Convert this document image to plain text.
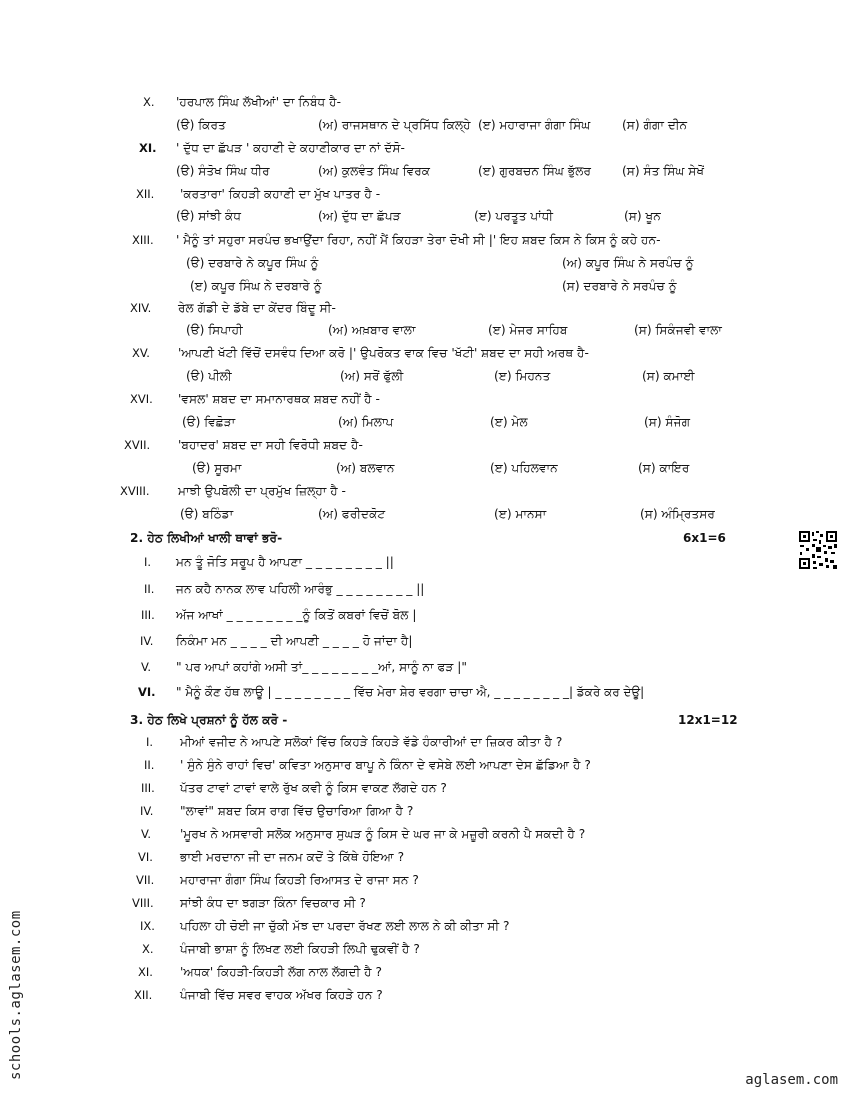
X. 'ਹਰਪਾਲ ਸਿੰਘ ਲੱਖੀਆਂ' ਦਾ ਨਿਬੰਧ ਹੈ-
(ੳ) ਕਿਰਤ	(ਅ) ਰਾਜਸਥਾਨ ਦੇ ਪ੍ਰਸਿੱਧ ਕਿਲ੍ਹੇ (ੲ) ਮਹਾਰਾਜਾ ਗੰਗਾ ਸਿੰਘ	(ਸ) ਗੰਗਾ ਦੀਨ
XI. ' ਦੁੱਧ ਦਾ ਛੱਪੜ ' ਕਹਾਣੀ ਦੇ ਕਹਾਣੀਕਾਰ ਦਾ ਨਾਂ ਦੱਸੋ-
(ੳ) ਸੰਤੋਖ ਸਿੰਘ ਧੀਰ	(ਅ) ਕੁਲਵੰਤ ਸਿੰਘ ਵਿਰਕ	(ੲ) ਗੁਰਬਚਨ ਸਿੰਘ ਭੁੱਲਰ	(ਸ) ਸੰਤ ਸਿੰਘ ਸੇਖੋਂ
XII. 'ਕਰਤਾਰਾ' ਕਿਹੜੀ ਕਹਾਣੀ ਦਾ ਮੁੱਖ ਪਾਤਰ ਹੈ -
(ੳ) ਸਾਂਝੀ ਕੰਧ	(ਅ) ਦੁੱਧ ਦਾ ਛੱਪੜ	(ੲ) ਪਰਤੂਤ ਪਾਂਧੀ	(ਸ) ਖੂਨ
XIII. ' ਮੈਨੂੰ ਤਾਂ ਸਹੁਰਾ ਸਰਪੰਚ ਭਖਾਉਂਦਾ ਰਿਹਾ, ਨਹੀਂ ਮੈਂ ਕਿਹੜਾ ਤੇਰਾ ਦੋਖੀ ਸੀ |' ਇਹ ਸ਼ਬਦ ਕਿਸ ਨੇ ਕਿਸ ਨੂੰ ਕਹੇ ਹਨ-
(ੳ) ਦਰਬਾਰੇ ਨੇ ਕਪੂਰ ਸਿੰਘ ਨੂੰ	(ਅ) ਕਪੂਰ ਸਿੰਘ ਨੇ ਸਰਪੰਚ ਨੂੰ
(ੲ) ਕਪੂਰ ਸਿੰਘ ਨੇ ਦਰਬਾਰੇ ਨੂੰ	(ਸ) ਦਰਬਾਰੇ ਨੇ ਸਰਪੰਚ ਨੂੰ
XIV. ਰੇਲ ਗੱਡੀ ਦੇ ਡੱਬੇ ਦਾ ਕੇਂਦਰ ਬਿੰਦੂ ਸੀ-
(ੳ) ਸਿਪਾਹੀ	(ਅ) ਅਖ਼ਬਾਰ ਵਾਲਾ	(ੲ) ਮੇਜਰ ਸਾਹਿਬ	(ਸ) ਸਿਕੰਜਵੀ ਵਾਲਾ
XV. 'ਆਪਣੀ ਖੱਟੀ ਵਿੱਚੋਂ ਦਸਵੰਧ ਦਿਆ ਕਰੋ |' ਉਪਰੋਕਤ ਵਾਕ ਵਿਚ 'ਖੱਟੀ' ਸ਼ਬਦ ਦਾ ਸਹੀ ਅਰਥ ਹੈ-
(ੳ) ਪੀਲੀ	(ਅ) ਸਰੋਂ ਫੁੱਲੀ	(ੲ) ਮਿਹਨਤ	(ਸ) ਕਮਾਈ
XVI. 'ਵਸਲ' ਸ਼ਬਦ ਦਾ ਸਮਾਨਾਰਥਕ ਸ਼ਬਦ ਨਹੀਂ ਹੈ -
(ੳ) ਵਿਛੋੜਾ	(ਅ) ਮਿਲਾਪ	(ੲ) ਮੇਲ	(ਸ) ਸੰਜੋਗ
XVII. 'ਬਹਾਦਰ' ਸ਼ਬਦ ਦਾ ਸਹੀ ਵਿਰੋਧੀ ਸ਼ਬਦ ਹੈ-
(ੳ) ਸੂਰਮਾ	(ਅ) ਬਲਵਾਨ	(ੲ) ਪਹਿਲਵਾਨ	(ਸ) ਕਾਇਰ
XVIII. ਮਾਝੀ ਉਪਬੋਲੀ ਦਾ ਪ੍ਰਮੁੱਖ ਜ਼ਿਲ੍ਹਾ ਹੈ -
(ੳ) ਬਠਿੰਡਾ	(ਅ) ਫਰੀਦਕੋਟ	(ੲ) ਮਾਨਸਾ	(ਸ) ਅੰਮ੍ਰਿਤਸਰ
2. ਹੇਠ ਲਿਖੀਆਂ ਖਾਲੀ ਥਾਵਾਂ ਭਰੋ-	6x1=6
I. ਮਨ ਤੂੰ ਜੋਤਿ ਸਰੂਪ ਹੈ ਆਪਣਾ _ _ _ _ _ _ _ _ ||
II. ਜਨ ਕਹੈ ਨਾਨਕ ਲਾਵ ਪਹਿਲੀ ਆਰੰਭੁ _ _ _ _ _ _ _ _ ||
III. ਅੱਜ ਆਖਾਂ _ _ _ _ _ _ _ _ਨੂੰ ਕਿਤੋਂ ਕਬਰਾਂ ਵਿਚੋਂ ਬੋਲ |
IV. ਨਿਕੰਮਾ ਮਨ _ _ _ _ ਦੀ ਆਪਣੀ _ _ _ _ ਹੋ ਜਾਂਦਾ ਹੈ|
V. " ਪਰ ਆਪਾਂ ਕਹਾਂਗੇ ਅਸੀ ਤਾਂ_ _ _ _ _ _ _ _ਆਂ, ਸਾਨੂੰ ਨਾ ਫੜ |"
VI. " ਮੈਨੂੰ ਕੌਣ ਹੱਥ ਲਾਊ | _ _ _ _ _ _ _ _ ਵਿੱਚ ਮੇਰਾ ਸ਼ੇਰ ਵਰਗਾ ਚਾਚਾ ਐ, _ _ _ _ _ _ _ _| ਡੱਕਰੇ ਕਰ ਦੇਊ|
3. ਹੇਠ ਲਿਖੇ ਪ੍ਰਸ਼ਨਾਂ ਨੂੰ ਹੱਲ ਕਰੋ -	12x1=12
I. ਮੀਆਂ ਵਜੀਦ ਨੇ ਆਪਣੇ ਸਲੋਕਾਂ ਵਿੱਚ ਕਿਹੜੇ ਕਿਹੜੇ ਵੱਡੇ ਹੰਕਾਰੀਆਂ ਦਾ ਜ਼ਿਕਰ ਕੀਤਾ ਹੈ ?
II. ' ਸੁੰਨੇ ਸੁੰਨੇ ਰਾਹਾਂ ਵਿਚ' ਕਵਿਤਾ ਅਨੁਸਾਰ ਬਾਪੂ ਨੇ ਕਿੰਨਾ ਦੇ ਵਸੇਬੇ ਲਈ ਆਪਣਾ ਦੇਸ ਛੱਡਿਆ ਹੈ ?
III. ਪੱਤਰ ਟਾਵਾਂ ਟਾਵਾਂ ਵਾਲੇ ਰੁੱਖ ਕਵੀ ਨੂੰ ਕਿਸ ਵਾਕਣ ਲੱਗਦੇ ਹਨ ?
IV. "ਲਾਵਾਂ" ਸ਼ਬਦ ਕਿਸ ਰਾਗ ਵਿੱਚ ਉਚਾਰਿਆ ਗਿਆ ਹੈ ?
V. 'ਮੂਰਖ ਨੇ ਅਸਵਾਰੀ ਸਲੋਕ ਅਨੁਸਾਰ ਸੁਘੜ ਨੂੰ ਕਿਸ ਦੇ ਘਰ ਜਾ ਕੇ ਮਜ਼ੂਰੀ ਕਰਨੀ ਪੈ ਸਕਦੀ ਹੈ ?
VI. ਭਾਈ ਮਰਦਾਨਾ ਜੀ ਦਾ ਜਨਮ ਕਦੋਂ ਤੇ ਕਿੱਥੇ ਹੋਇਆ ?
VII. ਮਹਾਰਾਜਾ ਗੰਗਾ ਸਿੰਘ ਕਿਹੜੀ ਰਿਆਸਤ ਦੇ ਰਾਜਾ ਸਨ ?
VIII. ਸਾਂਝੀ ਕੰਧ ਦਾ ਝਗੜਾ ਕਿੰਨਾ ਵਿਚਕਾਰ ਸੀ ?
IX. ਪਹਿਲਾ ਹੀ ਚੋਈ ਜਾ ਚੁੱਕੀ ਮੱਝ ਦਾ ਪਰਦਾ ਰੱਖਣ ਲਈ ਲਾਲ ਨੇ ਕੀ ਕੀਤਾ ਸੀ ?
X. ਪੰਜਾਬੀ ਭਾਸ਼ਾ ਨੂੰ ਲਿਖਣ ਲਈ ਕਿਹੜੀ ਲਿਪੀ ਢੁਕਵੀਂ ਹੈ ?
XI. 'ਅਧਕ' ਕਿਹੜੀ-ਕਿਹੜੀ ਲੱਗ ਨਾਲ ਲੱਗਦੀ ਹੈ ?
XII. ਪੰਜਾਬੀ ਵਿੱਚ ਸਵਰ ਵਾਹਕ ਅੱਖਰ ਕਿਹੜੇ ਹਨ ?
schools.aglasem.com	aglasem.com
